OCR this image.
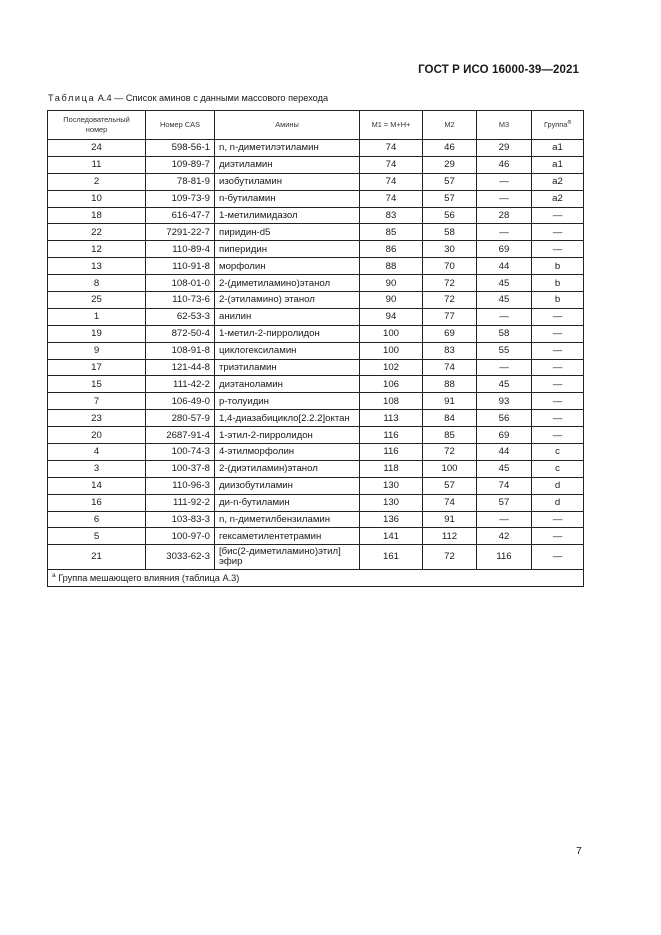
ГОСТ Р ИСО 16000-39—2021
Таблица А.4 — Список аминов с данными массового перехода
Последовательный номер	Номер CAS	Амины	M1 = M+H+	M2	M3	Группа$^a$
24	598-56-1	n, n-диметилэтиламин	74	46	29	a1
11	109-89-7	диэтиламин	74	29	46	a1
2	78-81-9	изобутиламин	74	57	—	a2
10	109-73-9	n-бутиламин	74	57	—	a2
18	616-47-7	1-метилимидазол	83	56	28	—
22	7291-22-7	пиридин-d5	85	58	—	—
12	110-89-4	пиперидин	86	30	69	—
13	110-91-8	морфолин	88	70	44	b
8	108-01-0	2-(диметиламино)этанол	90	72	45	b
25	110-73-6	2-(этиламино) этанол	90	72	45	b
1	62-53-3	анилин	94	77	—	—
19	872-50-4	1-метил-2-пирролидон	100	69	58	—
9	108-91-8	циклогексиламин	100	83	55	—
17	121-44-8	триэтиламин	102	74	—	—
15	111-42-2	диэтаноламин	106	88	45	—
7	106-49-0	p-толуидин	108	91	93	—
23	280-57-9	1,4-диазабицикло[2.2.2]октан	113	84	56	—
20	2687-91-4	1-этил-2-пирролидон	116	85	69	—
4	100-74-3	4-этилморфолин	116	72	44	c
3	100-37-8	2-(диэтиламин)этанол	118	100	45	c
14	110-96-3	диизобутиламин	130	57	74	d
16	111-92-2	ди-n-бутиламин	130	74	57	d
6	103-83-3	n, n-диметилбензиламин	136	91	—	—
5	100-97-0	гексаметилентетрамин	141	112	42	—
21	3033-62-3	[бис(2-диметиламино)этил] эфир	161	72	116	—
$^a$ Группа мешающего влияния (таблица А.3)						
7
